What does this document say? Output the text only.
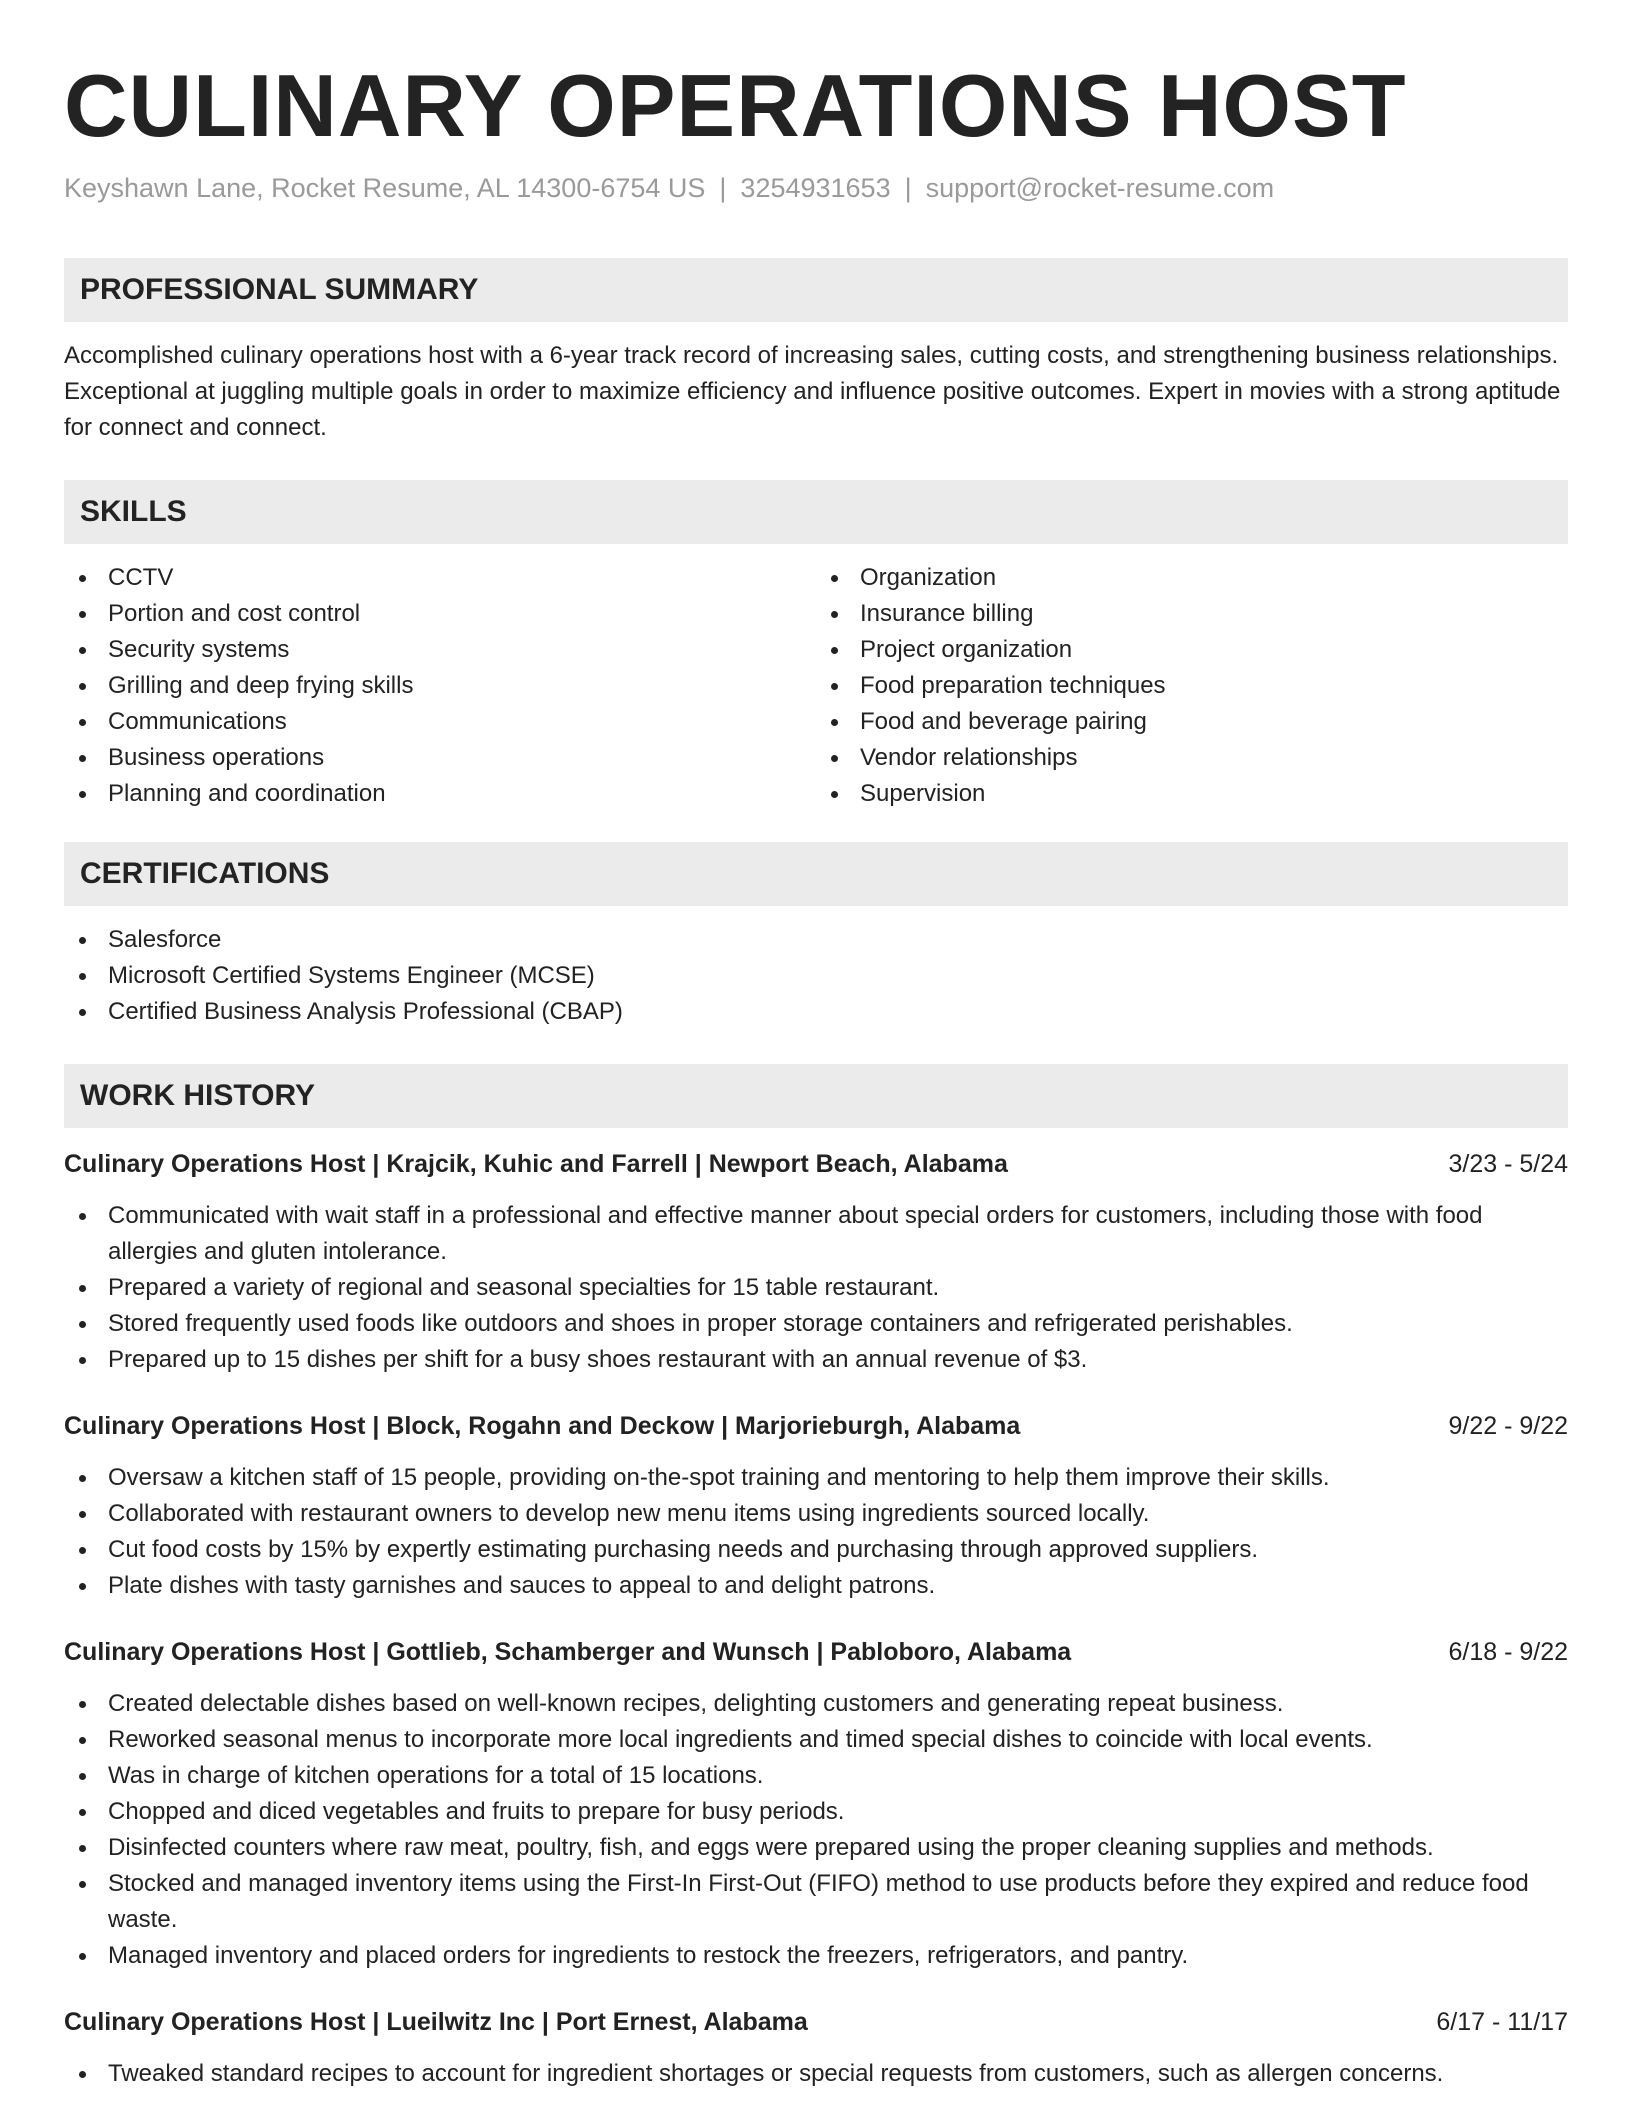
CULINARY OPERATIONS HOST
Keyshawn Lane, Rocket Resume, AL 14300-6754 US | 3254931653 | support@rocket-resume.com
PROFESSIONAL SUMMARY
Accomplished culinary operations host with a 6-year track record of increasing sales, cutting costs, and strengthening business relationships. Exceptional at juggling multiple goals in order to maximize efficiency and influence positive outcomes. Expert in movies with a strong aptitude for connect and connect.
SKILLS
CCTV
Portion and cost control
Security systems
Grilling and deep frying skills
Communications
Business operations
Planning and coordination
Organization
Insurance billing
Project organization
Food preparation techniques
Food and beverage pairing
Vendor relationships
Supervision
CERTIFICATIONS
Salesforce
Microsoft Certified Systems Engineer (MCSE)
Certified Business Analysis Professional (CBAP)
WORK HISTORY
Culinary Operations Host | Krajcik, Kuhic and Farrell | Newport Beach, Alabama	3/23 - 5/24
Communicated with wait staff in a professional and effective manner about special orders for customers, including those with food allergies and gluten intolerance.
Prepared a variety of regional and seasonal specialties for 15 table restaurant.
Stored frequently used foods like outdoors and shoes in proper storage containers and refrigerated perishables.
Prepared up to 15 dishes per shift for a busy shoes restaurant with an annual revenue of $3.
Culinary Operations Host | Block, Rogahn and Deckow | Marjorieburgh, Alabama	9/22 - 9/22
Oversaw a kitchen staff of 15 people, providing on-the-spot training and mentoring to help them improve their skills.
Collaborated with restaurant owners to develop new menu items using ingredients sourced locally.
Cut food costs by 15% by expertly estimating purchasing needs and purchasing through approved suppliers.
Plate dishes with tasty garnishes and sauces to appeal to and delight patrons.
Culinary Operations Host | Gottlieb, Schamberger and Wunsch | Pabloboro, Alabama	6/18 - 9/22
Created delectable dishes based on well-known recipes, delighting customers and generating repeat business.
Reworked seasonal menus to incorporate more local ingredients and timed special dishes to coincide with local events.
Was in charge of kitchen operations for a total of 15 locations.
Chopped and diced vegetables and fruits to prepare for busy periods.
Disinfected counters where raw meat, poultry, fish, and eggs were prepared using the proper cleaning supplies and methods.
Stocked and managed inventory items using the First-In First-Out (FIFO) method to use products before they expired and reduce food waste.
Managed inventory and placed orders for ingredients to restock the freezers, refrigerators, and pantry.
Culinary Operations Host | Lueilwitz Inc | Port Ernest, Alabama	6/17 - 11/17
Tweaked standard recipes to account for ingredient shortages or special requests from customers, such as allergen concerns.
